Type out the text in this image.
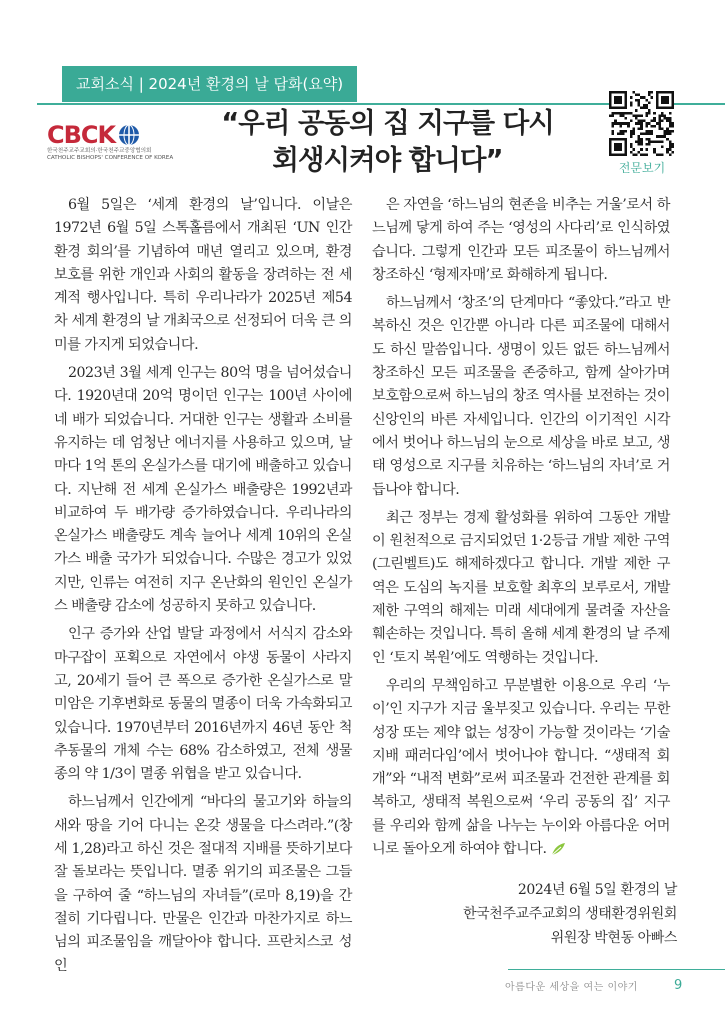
교회소식 | 2024년 환경의 날 담화(요약)
CBCK
한국천주교주교회의·한국천주교중앙협의회
CATHOLIC BISHOPS' CONFERENCE OF KOREA
“우리 공동의 집 지구를 다시
회생시켜야 합니다”	전문보기

6월 5일은 ‘세계 환경의 날’입니다. 이날은 1972년 6월 5일 스톡홀름에서 개최된 ‘UN 인간 환경 회의’를 기념하여 매년 열리고 있으며, 환경 보호를 위한 개인과 사회의 활동을 장려하는 전 세계적 행사입니다. 특히 우리나라가 2025년 제54차 세계 환경의 날 개최국으로 선정되어 더욱 큰 의미를 가지게 되었습니다.

2023년 3월 세계 인구는 80억 명을 넘어섰습니다. 1920년대 20억 명이던 인구는 100년 사이에 네 배가 되었습니다. 거대한 인구는 생활과 소비를 유지하는 데 엄청난 에너지를 사용하고 있으며, 날마다 1억 톤의 온실가스를 대기에 배출하고 있습니다. 지난해 전 세계 온실가스 배출량은 1992년과 비교하여 두 배가량 증가하였습니다. 우리나라의 온실가스 배출량도 계속 늘어나 세계 10위의 온실가스 배출 국가가 되었습니다. 수많은 경고가 있었지만, 인류는 여전히 지구 온난화의 원인인 온실가스 배출량 감소에 성공하지 못하고 있습니다.

인구 증가와 산업 발달 과정에서 서식지 감소와 마구잡이 포획으로 자연에서 야생 동물이 사라지고, 20세기 들어 큰 폭으로 증가한 온실가스로 말미암은 기후변화로 동물의 멸종이 더욱 가속화되고 있습니다. 1970년부터 2016년까지 46년 동안 척추동물의 개체 수는 68% 감소하였고, 전체 생물 종의 약 1/3이 멸종 위협을 받고 있습니다.

하느님께서 인간에게 “바다의 물고기와 하늘의 새와 땅을 기어 다니는 온갖 생물을 다스려라.”(창세 1,28)라고 하신 것은 절대적 지배를 뜻하기보다 잘 돌보라는 뜻입니다. 멸종 위기의 피조물은 그들을 구하여 줄 “하느님의 자녀들”(로마 8,19)을 간절히 기다립니다. 만물은 인간과 마찬가지로 하느님의 피조물임을 깨달아야 합니다. 프란치스코 성인

은 자연을 ‘하느님의 현존을 비추는 거울’로서 하느님께 닿게 하여 주는 ‘영성의 사다리’로 인식하였습니다. 그렇게 인간과 모든 피조물이 하느님께서 창조하신 ‘형제자매’로 화해하게 됩니다.

하느님께서 ‘창조’의 단계마다 “좋았다.”라고 반복하신 것은 인간뿐 아니라 다른 피조물에 대해서도 하신 말씀입니다. 생명이 있든 없든 하느님께서 창조하신 모든 피조물을 존중하고, 함께 살아가며 보호함으로써 하느님의 창조 역사를 보전하는 것이 신앙인의 바른 자세입니다. 인간의 이기적인 시각에서 벗어나 하느님의 눈으로 세상을 바로 보고, 생태 영성으로 지구를 치유하는 ‘하느님의 자녀’로 거듭나야 합니다.

최근 정부는 경제 활성화를 위하여 그동안 개발이 원천적으로 금지되었던 1·2등급 개발 제한 구역(그린벨트)도 해제하겠다고 합니다. 개발 제한 구역은 도심의 녹지를 보호할 최후의 보루로서, 개발 제한 구역의 해제는 미래 세대에게 물려줄 자산을 훼손하는 것입니다. 특히 올해 세계 환경의 날 주제인 ‘토지 복원’에도 역행하는 것입니다.

우리의 무책임하고 무분별한 이용으로 우리 ‘누이’인 지구가 지금 울부짖고 있습니다. 우리는 무한 성장 또는 제약 없는 성장이 가능할 것이라는 ‘기술 지배 패러다임’에서 벗어나야 합니다. “생태적 회개”와 “내적 변화”로써 피조물과 건전한 관계를 회복하고, 생태적 복원으로써 ‘우리 공동의 집’ 지구를 우리와 함께 삶을 나누는 누이와 아름다운 어머니로 돌아오게 하여야 합니다.

2024년 6월 5일 환경의 날
한국천주교주교회의 생태환경위원회
위원장 박현동 아빠스
아름다운 세상을 여는 이야기	9
